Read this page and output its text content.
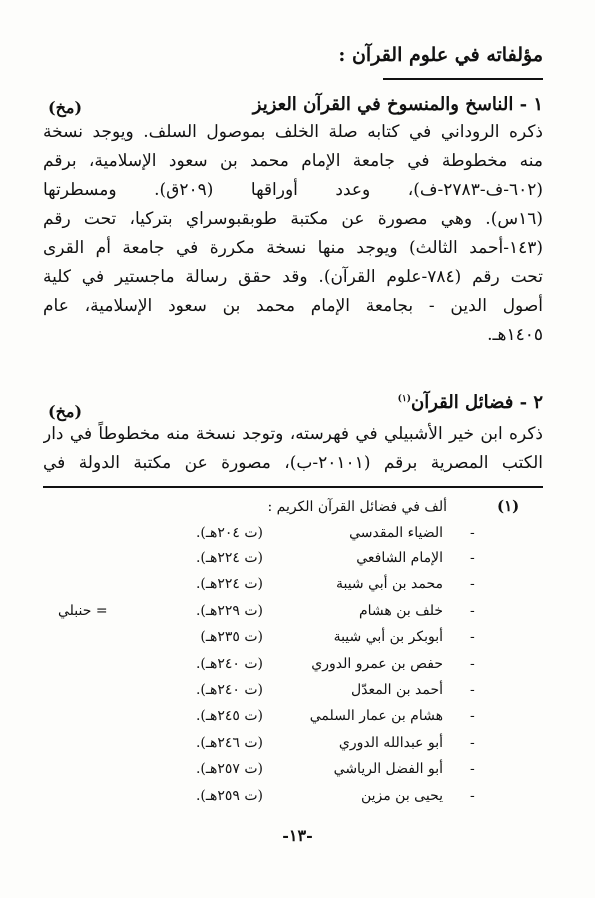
مؤلفاته في علوم القرآن :
١ - الناسخ والمنسوخ في القرآن العزيز
(مخ)
ذكره الروداني في كتابه صلة الخلف بموصول السلف. ويوجد نسخة
منه مخطوطة في جامعة الإمام محمد بن سعود الإسلامية، برقم
(٦٠٢-ف-٢٧٨٣-ف)، وعدد أوراقها (٢٠٩ق). ومسطرتها
(١٦س). وهي مصورة عن مكتبة طوبقبوسراي بتركيا، تحت رقم
(١٤٣-أحمد الثالث) ويوجد منها نسخة مكررة في جامعة أم القرى
تحت رقم (٧٨٤-علوم القرآن). وقد حقق رسالة ماجستير في كلية
أصول الدين - بجامعة الإمام محمد بن سعود الإسلامية، عام
١٤٠٥هـ.
٢ - فضائل القرآن$^{(١)}$
(مخ)
ذكره ابن خير الأشبيلي في فهرسته، وتوجد نسخة منه مخطوطاً في دار
الكتب المصرية برقم (٢٠١٠١-ب)، مصورة عن مكتبة الدولة في
(١)
ألف في فضائل القرآن الكريم :
-
الضياء المقدسي
(ت ٢٠٤هـ).
-
الإمام الشافعي
(ت ٢٢٤هـ).
-
محمد بن أبي شيبة
(ت ٢٢٤هـ).
-
خلف بن هشام
(ت ٢٢٩هـ).
= حنبلي
-
أبوبكر بن أبي شيبة
(ت ٢٣٥هـ)
-
حفص بن عمرو الدوري
(ت ٢٤٠هـ).
-
أحمد بن المعدّل
(ت ٢٤٠هـ).
-
هشام بن عمار السلمي
(ت ٢٤٥هـ).
-
أبو عبدالله الدوري
(ت ٢٤٦هـ).
-
أبو الفضل الرياشي
(ت ٢٥٧هـ).
-
يحيى بن مزين
(ت ٢٥٩هـ).
-١٣-
